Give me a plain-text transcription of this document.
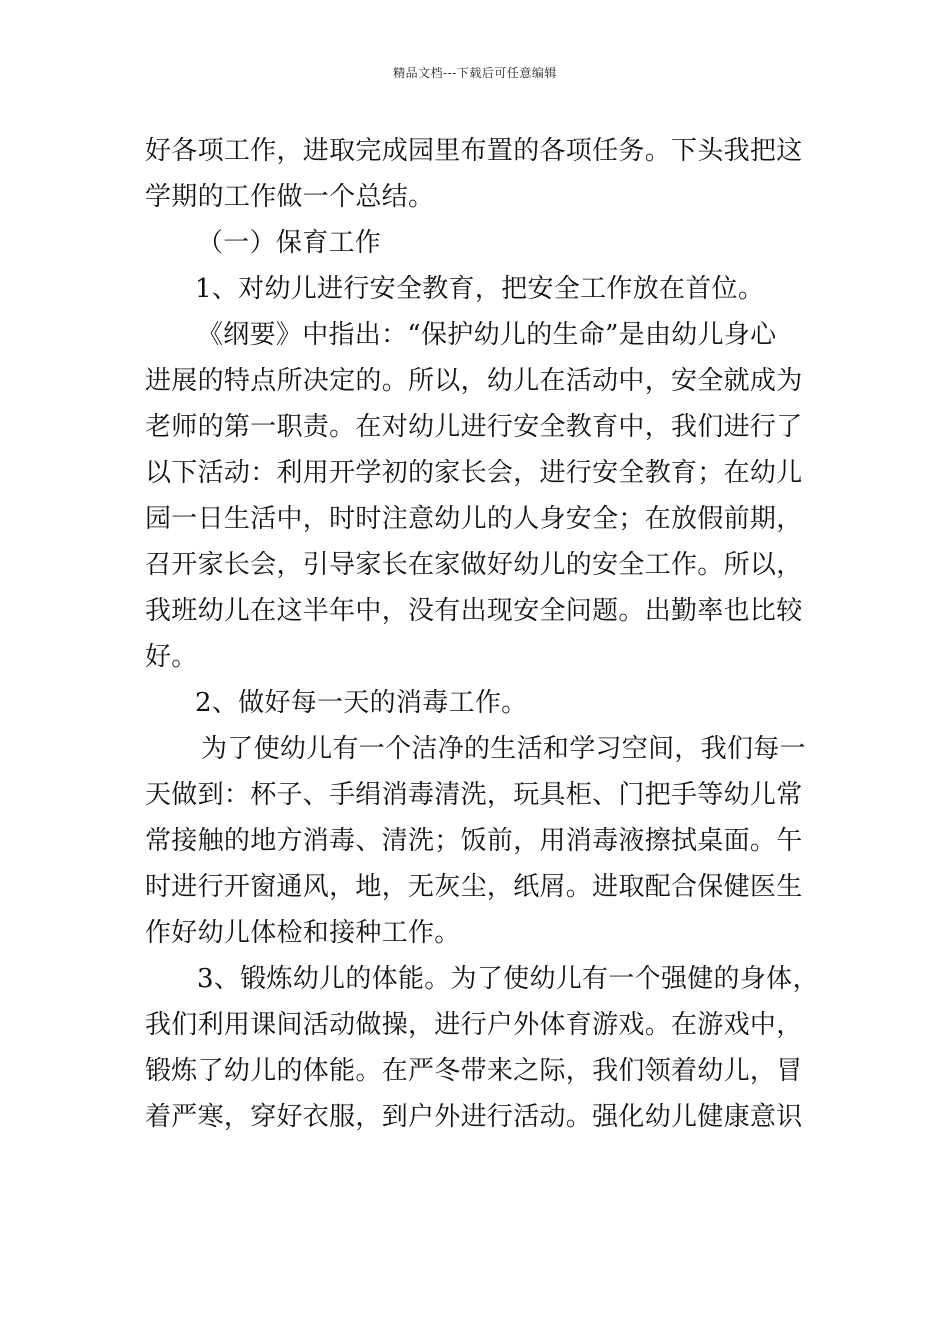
精品文档---下载后可任意编辑
好各项工作，进取完成园里布置的各项任务。下头我把这
学期的工作做一个总结。
（一）保育工作
1、对幼儿进行安全教育，把安全工作放在首位。
《纲要》中指出：“保护幼儿的生命”是由幼儿身心
进展的特点所决定的。所以，幼儿在活动中，安全就成为
老师的第一职责。在对幼儿进行安全教育中，我们进行了
以下活动：利用开学初的家长会，进行安全教育；在幼儿
园一日生活中，时时注意幼儿的人身安全；在放假前期，
召开家长会，引导家长在家做好幼儿的安全工作。所以，
我班幼儿在这半年中，没有出现安全问题。出勤率也比较
好。
2、做好每一天的消毒工作。
为了使幼儿有一个洁净的生活和学习空间，我们每一
天做到：杯子、手绢消毒清洗，玩具柜、门把手等幼儿常
常接触的地方消毒、清洗；饭前，用消毒液擦拭桌面。午
时进行开窗通风，地，无灰尘，纸屑。进取配合保健医生
作好幼儿体检和接种工作。
3、锻炼幼儿的体能。为了使幼儿有一个强健的身体，
我们利用课间活动做操，进行户外体育游戏。在游戏中，
锻炼了幼儿的体能。在严冬带来之际，我们领着幼儿，冒
着严寒，穿好衣服，到户外进行活动。强化幼儿健康意识
